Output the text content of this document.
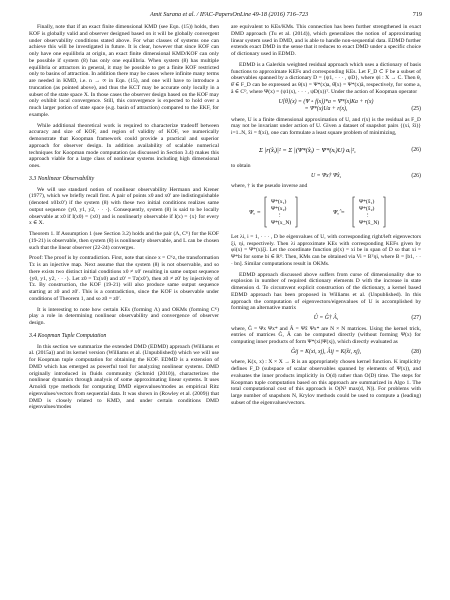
Amit Surana et al. / IFAC-PapersOnLine 49-18 (2016) 716–723	719

Finally, note that if an exact finite dimensional KMD (see Eqn. (15)) holds, then KOF is globally valid and observer designed based on it will be globally convergent under observability conditions stated above. For what classes of systems one can achieve this will be investigated in future. It is clear, however that since KOF can only have one equilibria at origin, an exact finite dimensional KMD/KOF can only be possible if system (8) has only one equilibria. When system (8) has multiple equilibria or attractors in general, it may be possible to get a finite KOF restricted only to basins of attraction. In addition there may be cases where infinite many terms are needed in KMD, i.e. n → ∞ in Eqn. (15), and one will have to introduce a truncation (as pointed above), and thus the KCT may be accurate only locally in a subset of the state space X. In those cases the observer design based on the KOF may only exhibit local convergence. Still, this convergence is expected to hold over a much larger potion of state space (e.g. basin of attraction) compared to the EKF, for example.

While additional theoretical work is required to characterize tradeoff between accuracy and size of KOF, and region of validity of KOF, we numerically demonstrate that Koopman framework could provide a practical and superior approach for observer design. In addition availability of scalable numerical techniques for Koopman mode computation (as discussed in Section 3.4) makes this approach viable for a large class of nonlinear systems including high dimensional ones.

3.3 Nonlinear Observability

We will use standard notion of nonlinear observability Hermann and Krener (1977), which we briefly recall first. A pair of points x0 and x0′ are indistinguishable (denoted x0Ix0′) if the system (8) with these two initial conditions realizes same output sequence {y0, y1, y2, · · ·}. Consequently, system (8) is said to be locally observable at x0 if I(x0) = {x0} and is nonlinearly observable if I(x) = {x} for every x ∈ X.

Theorem 1. If Assumption 1 (see Section 3.2) holds and the pair (Λ, Cᴷ) for the KOF (19-21) is observable, then system (8) is nonlinearly observable, and L can be chosen such that the linear observer (22-24) converges.

Proof: The proof is by contradiction. First, note that since x = Cᴷz, the transformation Tz is an injective map. Next assume that the system (8) is not observable, and so there exists two distinct initial conditions x0 ≠ x0′ resulting in same output sequence {y0, y1, y2, · · ·}. Let z0 = Tz(x0) and z0′ = Tz(x0′), then z0 ≠ z0′ by injectivity of Tz. By construction, the KOF (19-21) will also produce same output sequence starting at z0 and z0′. This is a contradiction, since the KOF is observable under conditions of Theorem 1, and so z0 = z0′.

It is interesting to note how certain KEs (forming Λ) and OKMs (forming Cᴷ) play a role in determining nonlinear observability and convergence of observer design.

3.4 Koopman Tuple Computation

In this section we summarize the extended DMD (EDMD) approach (Williams et al. (2015a)) and its kernel version (Williams et al. (Unpublished)) which we will use for Koopman tuple computation for obtaining the KOF. EDMD is a extension of DMD which has emerged as powerful tool for analyzing nonlinear systems. DMD originally introduced in fluids community (Schmid (2010)), characterizes the nonlinear dynamics through analysis of some approximating linear systems. It uses Arnoldi type methods for computing DMD eigenvalues/modes as empirical Ritz eigenvalues/vectors from sequential data. It was shown in (Rowley et al. (2009)) that DMD is closely related to KMD, and under certain conditions DMD eigenvalues/modes

are equivalent to KEs/KMs. This connection has been further strengthened in exact DMD approach (Tu et al. (2014)), which generalizes the notion of approximating linear system used in DMD, and is able to handle non-sequential data. EDMD further extends exact DMD in the sense that it reduces to exact DMD under a specific choice of dictionary used in EDMD.

EDMD is a Galerkin weighted residual approach which uses a dictionary of basis functions to approximate KEFs and corresponding KEs. Let F_D ⊂ F be a subset of observables spanned by a dictionary D = {ψ1, · · · , ψD}, where ψi : X → C. Then θ, θ̂ ∈ F_D can be expressed as θ(x) = Ψ*(x)a, θ̂(x) = Ψ*(x)â, respectively, for some a, â ∈ Cᴰ, where Ψ(x) = (ψ1(x), · · · , ψD(x))ᵀ. Under the action of Koopman operator

U[θ](x) = (Ψ ∘ f(x))*a = Ψ*(x)Ka + r(x)
= Ψ*(x)Ua + r(x),	(25)

where, U is a finite dimensional approximation of U, and r(x) is the residual as F_D may not be invariant under action of U. Given a dataset of snapshot pairs {(xi, x̂i)} i=1..N, x̂i = f(xi), one can formulate a least square problem of minimizing,

Σ |r(x̂ᵢ)|² = Σ |(Ψ*(x̂ᵢ) − Ψ*(xᵢ)U) aᵢ|²,	(26)

to obtain

U = Ψx† Ψx̂,	(26)

where, † is the pseudo inverse and

Ψₓ =
Ψ*(x₁)
Ψ*(x₂)
⋮
Ψ*(x_N)
Ψₓ̂ =
Ψ*(x̂₁)
Ψ*(x̂₂)
⋮
Ψ*(x̂_N)

Let λi, i = 1, · · · , D be eigenvalues of U, with corresponding right/left eigenvectors ξi, ηi, respectively. Then λi approximate KEs with corresponding KEFs given by φi(x) = Ψ*(x)ξi. Let the coordinate function gi(x) = xi be in span of D so that xi = Ψ*bi for some bi ∈ Rᴰ. Then, KMs can be obtained via Vi = Bᵀηi, where B = [b1, · · · bn]. Similar computations result in OKMs.

EDMD approach discussed above suffers from curse of dimensionality due to explosion in number of required dictionary elements D with the increase in state dimension d. To circumvent explicit construction of the dictionary, a kernel based EDMD approach has been proposed in Williams et al. (Unpublished). In this approach the computation of eigenvectors/eigenvalues of U is accomplished by forming an alternative matrix

Û = Ĝ† Â,	(27)

where, Ĝ = Ψx Ψx* and Â = Ψx̂ Ψx* are N × N matrices. Using the kernel trick, entries of matrices Ĝ, Â can be computed directly (without forming Ψ(x) for computing inner products of form Ψ*(xi)Ψ(xj), which directly evaluated as

Ĝij = K(xi, xj), Âij = K(x̂i, xj),	(28)

where, K(x, x) : X × X → R is an appropriately chosen kernel function. K implicitly defines F_D (subspace of scalar observables spanned by elements of Ψ(x)), and evaluates the inner products implicitly in O(d) rather than O(D) time. The steps for Koopman tuple computation based on this approach are summarized in Algo 1. The total computational cost of this approach is O(N² max(d, N)). For problems with large number of snapshots N, Krylov methods could be used to compute a (leading) subset of the eigenvalues/vectors.
